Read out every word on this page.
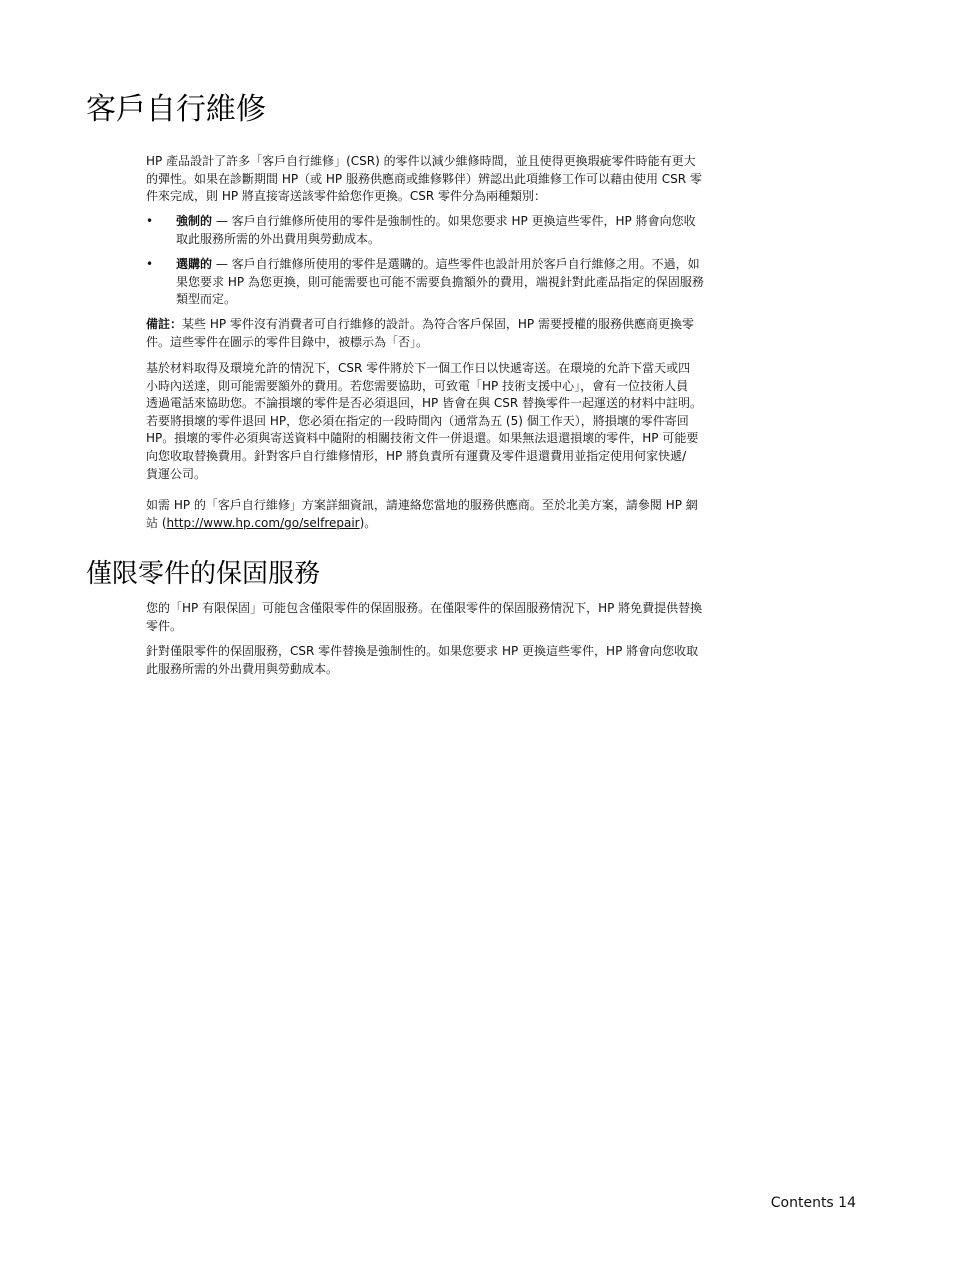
客戶自行維修

HP 產品設計了許多「客戶自行維修」(CSR) 的零件以減少維修時間，並且使得更換瑕疵零件時能有更大
的彈性。如果在診斷期間 HP（或 HP 服務供應商或維修夥伴）辨認出此項維修工作可以藉由使用 CSR 零
件來完成，則 HP 將直接寄送該零件給您作更換。CSR 零件分為兩種類別：

• 強制的 — 客戶自行維修所使用的零件是強制性的。如果您要求 HP 更換這些零件，HP 將會向您收
取此服務所需的外出費用與勞動成本。
• 選購的 — 客戶自行維修所使用的零件是選購的。這些零件也設計用於客戶自行維修之用。不過，如
果您要求 HP 為您更換，則可能需要也可能不需要負擔額外的費用，端視針對此產品指定的保固服務
類型而定。

備註：某些 HP 零件沒有消費者可自行維修的設計。為符合客戶保固，HP 需要授權的服務供應商更換零
件。這些零件在圖示的零件目錄中，被標示為「否」。

基於材料取得及環境允許的情況下，CSR 零件將於下一個工作日以快遞寄送。在環境的允許下當天或四
小時內送達，則可能需要額外的費用。若您需要協助，可致電「HP 技術支援中心」，會有一位技術人員
透過電話來協助您。不論損壞的零件是否必須退回，HP 皆會在與 CSR 替換零件一起運送的材料中註明。
若要將損壞的零件退回 HP，您必須在指定的一段時間內（通常為五 (5) 個工作天），將損壞的零件寄回
HP。損壞的零件必須與寄送資料中隨附的相關技術文件一併退還。如果無法退還損壞的零件，HP 可能要
向您收取替換費用。針對客戶自行維修情形，HP 將負責所有運費及零件退還費用並指定使用何家快遞/
貨運公司。

如需 HP 的「客戶自行維修」方案詳細資訊，請連絡您當地的服務供應商。至於北美方案，請參閱 HP 網
站 (http://www.hp.com/go/selfrepair)。

僅限零件的保固服務

您的「HP 有限保固」可能包含僅限零件的保固服務。在僅限零件的保固服務情況下，HP 將免費提供替換
零件。

針對僅限零件的保固服務，CSR 零件替換是強制性的。如果您要求 HP 更換這些零件，HP 將會向您收取
此服務所需的外出費用與勞動成本。

Contents 14
